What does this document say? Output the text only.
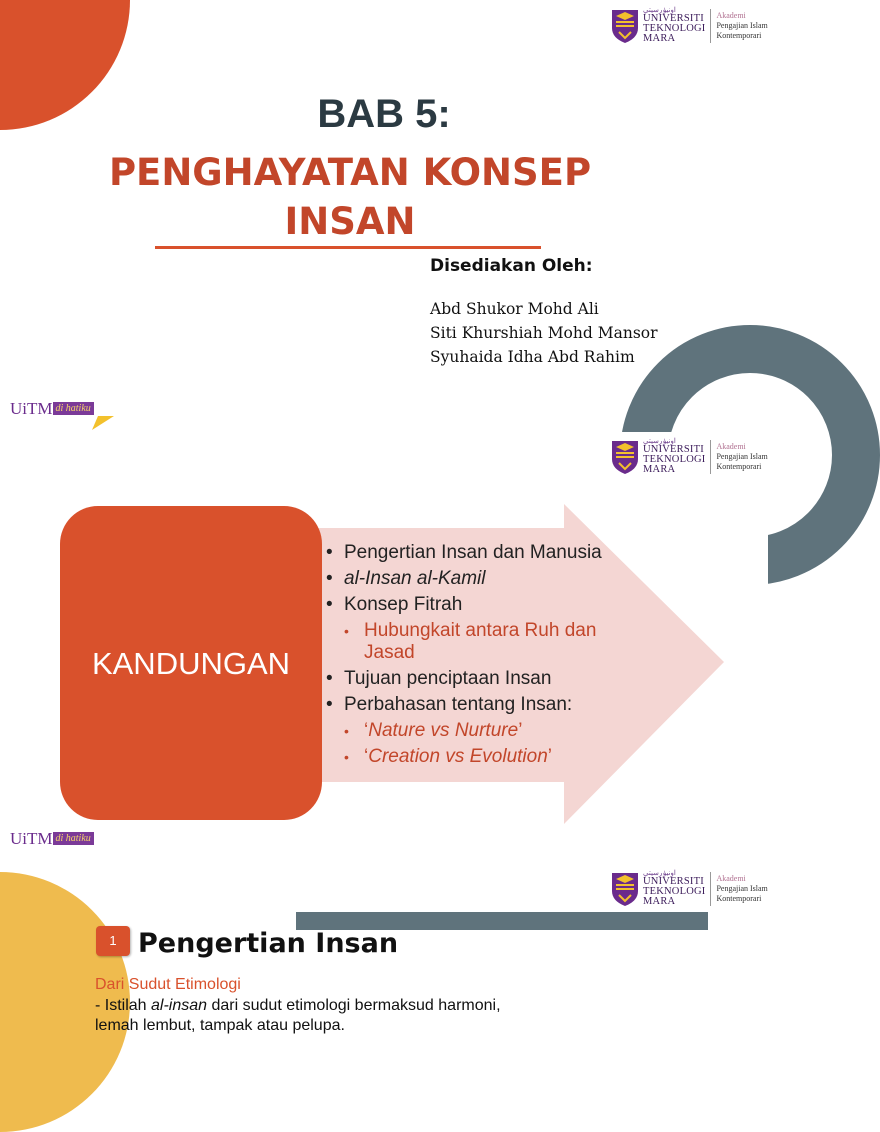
اونيۏرسيتي
UNIVERSITI
TEKNOLOGI
MARA
Akademi
Pengajian Islam
Kontemporari
BAB 5:
PENGHAYATAN KONSEP
INSAN
Disediakan Oleh:
Abd Shukor Mohd Ali
Siti Khurshiah Mohd Mansor
Syuhaida Idha Abd Rahim
UiTM di hatiku
اونيۏرسيتي
UNIVERSITI
TEKNOLOGI
MARA
Akademi
Pengajian Islam
Kontemporari
KANDUNGAN
• Pengertian Insan dan Manusia
• al-Insan al-Kamil
• Konsep Fitrah
• Hubungkait antara Ruh dan Jasad
• Tujuan penciptaan Insan
• Perbahasan tentang Insan:
• ‘Nature vs Nurture’
• ‘Creation vs Evolution’
UiTM di hatiku
اونيۏرسيتي
UNIVERSITI
TEKNOLOGI
MARA
Akademi
Pengajian Islam
Kontemporari
1 Pengertian Insan
Dari Sudut Etimologi
- Istilah al-insan dari sudut etimologi bermaksud harmoni, lemah lembut, tampak atau pelupa.
